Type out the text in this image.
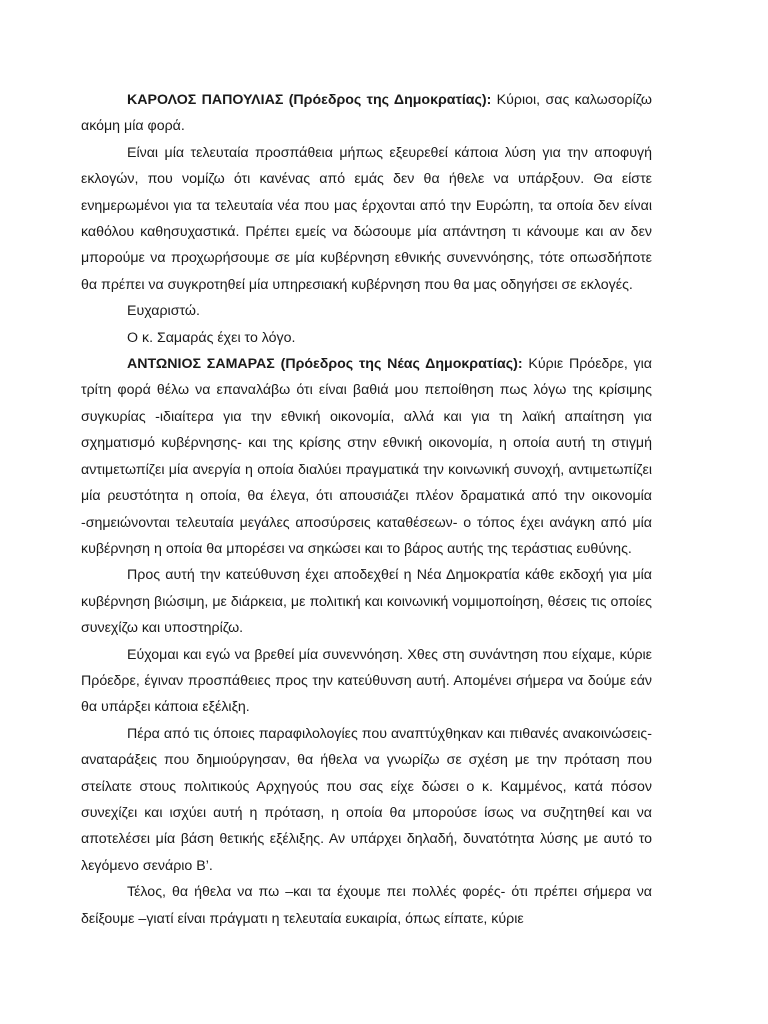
ΚΑΡΟΛΟΣ ΠΑΠΟΥΛΙΑΣ (Πρόεδρος της Δημοκρατίας): Κύριοι, σας καλωσορίζω ακόμη μία φορά.

Είναι μία τελευταία προσπάθεια μήπως εξευρεθεί κάποια λύση για την αποφυγή εκλογών, που νομίζω ότι κανένας από εμάς δεν θα ήθελε να υπάρξουν. Θα είστε ενημερωμένοι για τα τελευταία νέα που μας έρχονται από την Ευρώπη, τα οποία δεν είναι καθόλου καθησυχαστικά. Πρέπει εμείς να δώσουμε μία απάντηση τι κάνουμε και αν δεν μπορούμε να προχωρήσουμε σε μία κυβέρνηση εθνικής συνεννόησης, τότε οπωσδήποτε θα πρέπει να συγκροτηθεί μία υπηρεσιακή κυβέρνηση που θα μας οδηγήσει σε εκλογές.

Ευχαριστώ.

Ο κ. Σαμαράς έχει το λόγο.

ΑΝΤΩΝΙΟΣ ΣΑΜΑΡΑΣ (Πρόεδρος της Νέας Δημοκρατίας): Κύριε Πρόεδρε, για τρίτη φορά θέλω να επαναλάβω ότι είναι βαθιά μου πεποίθηση πως λόγω της κρίσιμης συγκυρίας -ιδιαίτερα για την εθνική οικονομία, αλλά και για τη λαϊκή απαίτηση για σχηματισμό κυβέρνησης- και της κρίσης στην εθνική οικονομία, η οποία αυτή τη στιγμή αντιμετωπίζει μία ανεργία η οποία διαλύει πραγματικά την κοινωνική συνοχή, αντιμετωπίζει μία ρευστότητα η οποία, θα έλεγα, ότι απουσιάζει πλέον δραματικά από την οικονομία -σημειώνονται τελευταία μεγάλες αποσύρσεις καταθέσεων- ο τόπος έχει ανάγκη από μία κυβέρνηση η οποία θα μπορέσει να σηκώσει και το βάρος αυτής της τεράστιας ευθύνης.

Προς αυτή την κατεύθυνση έχει αποδεχθεί η Νέα Δημοκρατία κάθε εκδοχή για μία κυβέρνηση βιώσιμη, με διάρκεια, με πολιτική και κοινωνική νομιμοποίηση, θέσεις τις οποίες συνεχίζω και υποστηρίζω.

Εύχομαι και εγώ να βρεθεί μία συνεννόηση. Χθες στη συνάντηση που είχαμε, κύριε Πρόεδρε, έγιναν προσπάθειες προς την κατεύθυνση αυτή. Απομένει σήμερα να δούμε εάν θα υπάρξει κάποια εξέλιξη.

Πέρα από τις όποιες παραφιλολογίες που αναπτύχθηκαν και πιθανές ανακοινώσεις-αναταράξεις που δημιούργησαν, θα ήθελα να γνωρίζω σε σχέση με την πρόταση που στείλατε στους πολιτικούς Αρχηγούς που σας είχε δώσει ο κ. Καμμένος, κατά πόσον συνεχίζει και ισχύει αυτή η πρόταση, η οποία θα μπορούσε ίσως να συζητηθεί και να αποτελέσει μία βάση θετικής εξέλιξης. Αν υπάρχει δηλαδή, δυνατότητα λύσης με αυτό το λεγόμενο σενάριο Β’.

Τέλος, θα ήθελα να πω –και τα έχουμε πει πολλές φορές- ότι πρέπει σήμερα να δείξουμε –γιατί είναι πράγματι η τελευταία ευκαιρία, όπως είπατε, κύριε
